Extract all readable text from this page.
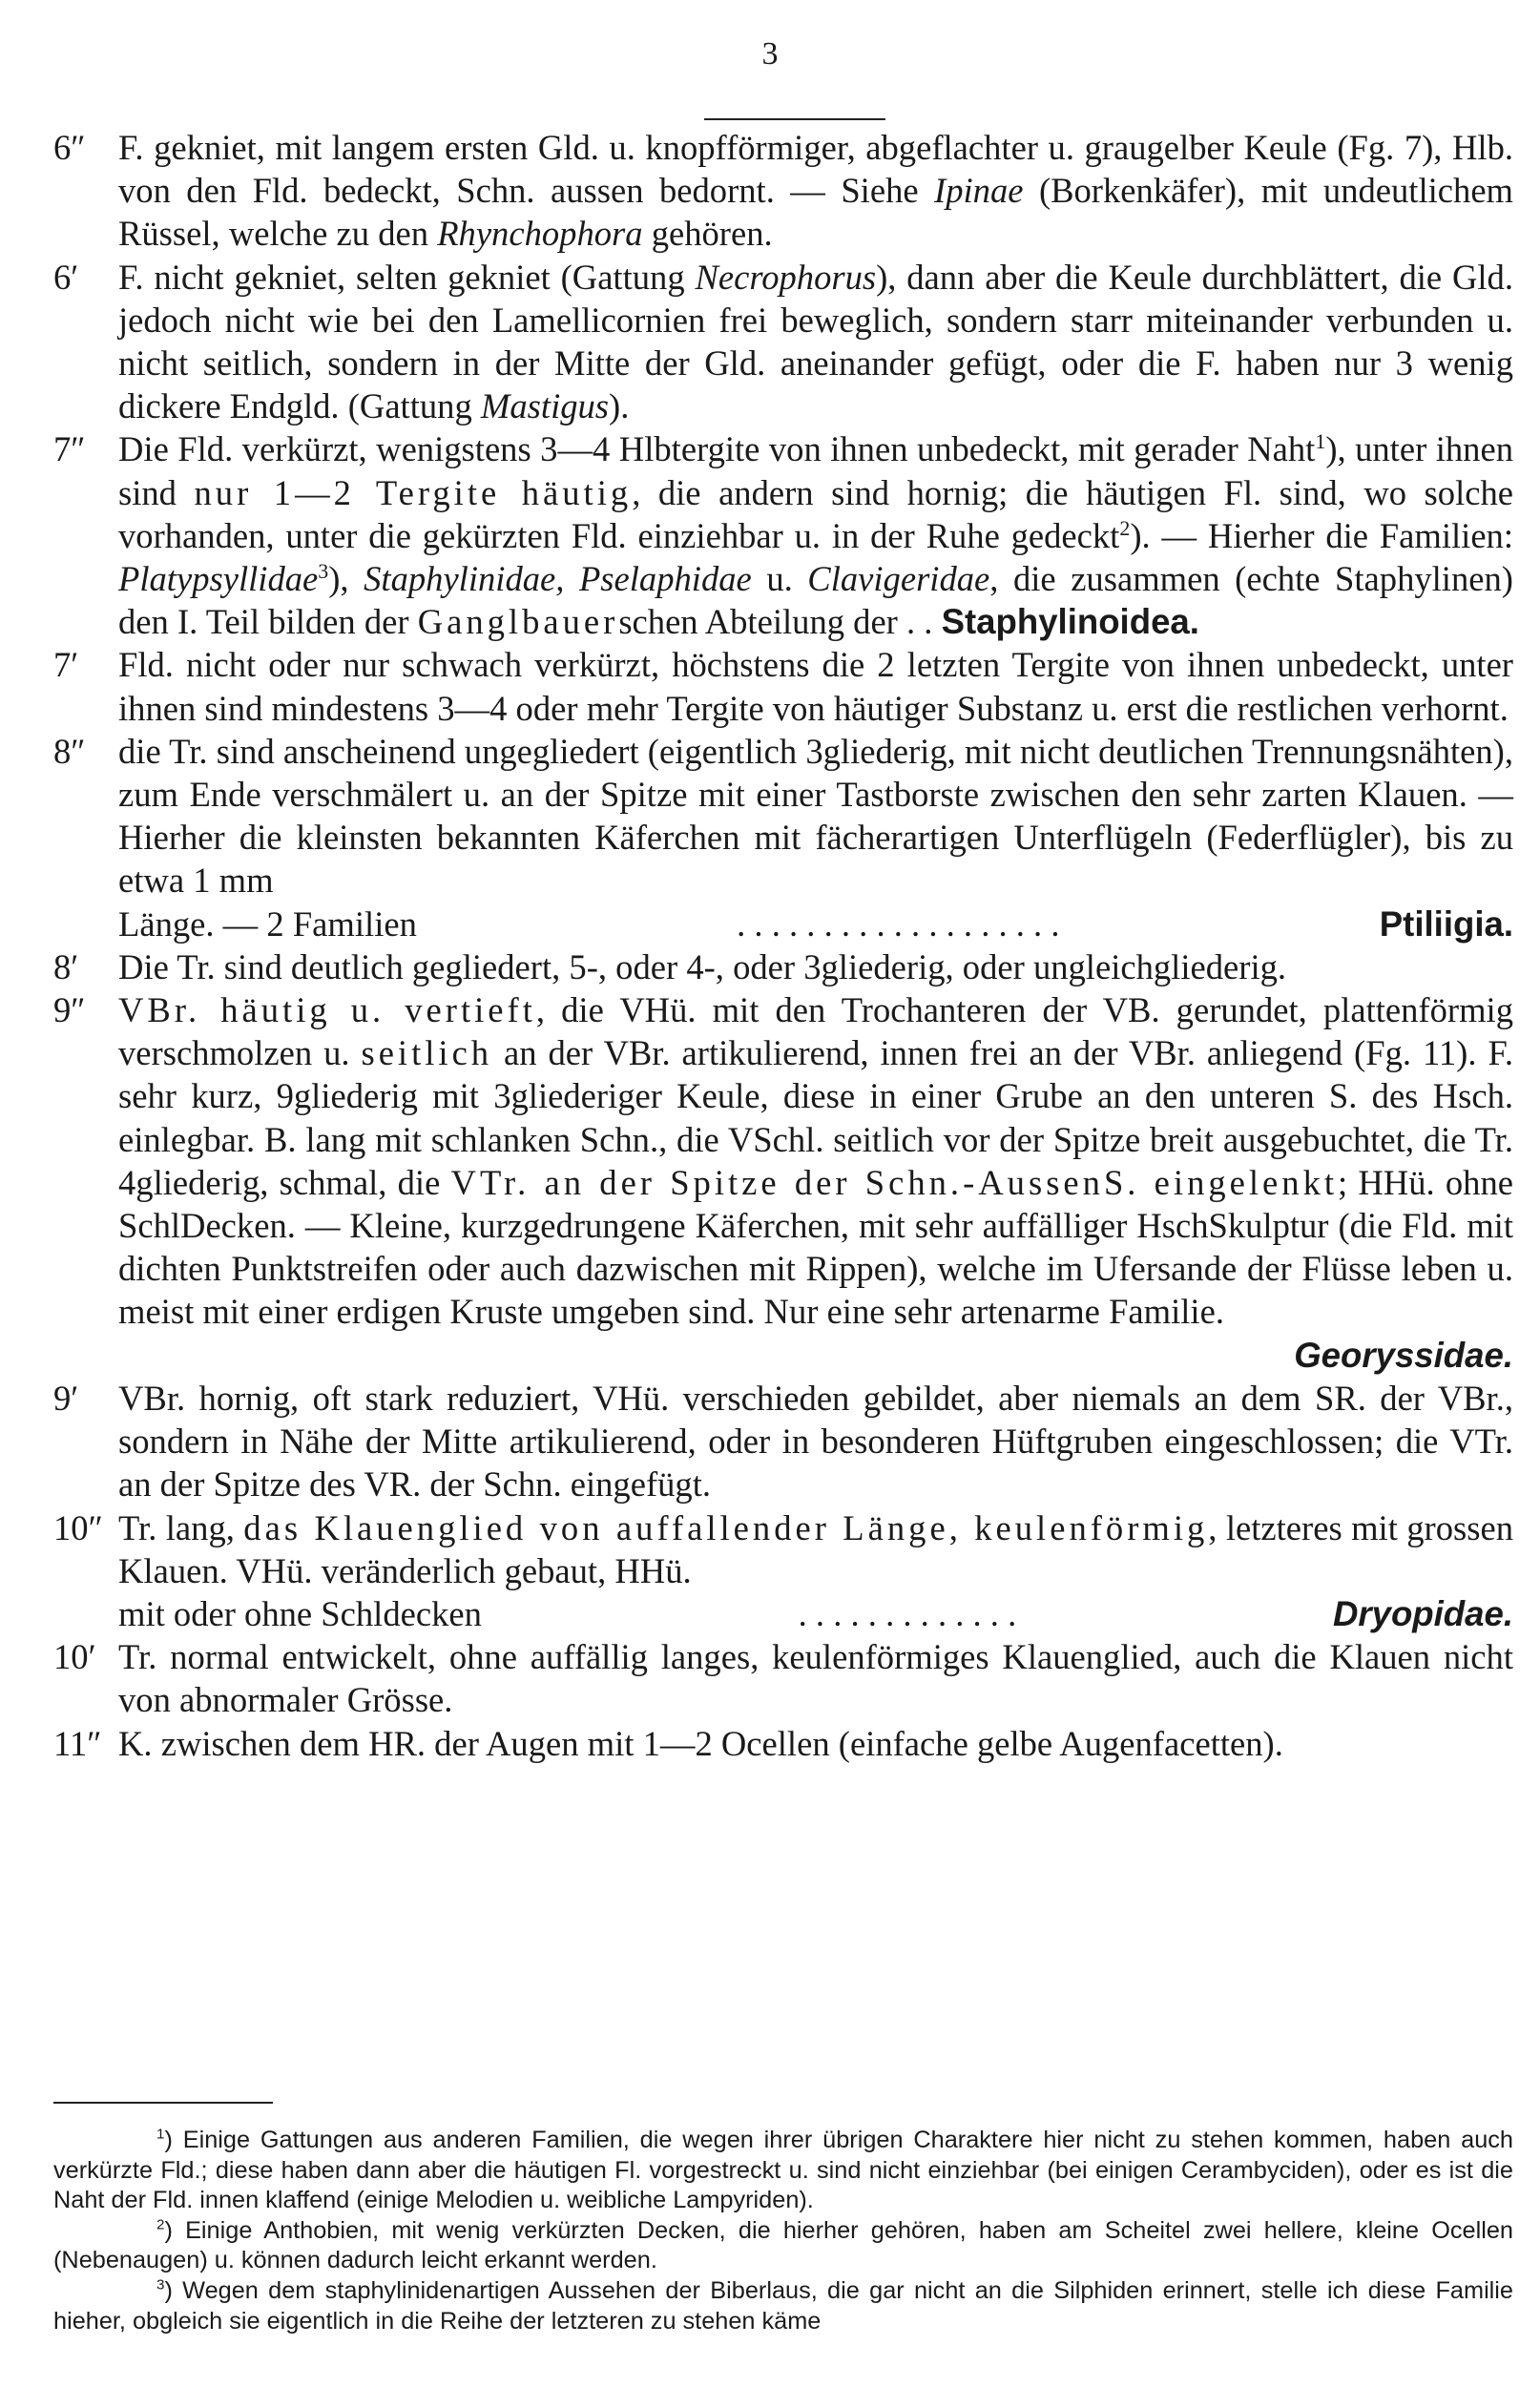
3
6″ F. gekniet, mit langem ersten Gld. u. knopfförmiger, abgeflachter u. graugelber Keule (Fg. 7), Hlb. von den Fld. bedeckt, Schn. aussen bedornt. — Siehe Ipinae (Borkenkäfer), mit undeutlichem Rüssel, welche zu den Rhynchophora gehören.
6′ F. nicht gekniet, selten gekniet (Gattung Necrophorus), dann aber die Keule durchblättert, die Gld. jedoch nicht wie bei den Lamellicornien frei beweglich, sondern starr miteinander verbunden u. nicht seitlich, sondern in der Mitte der Gld. aneinander gefügt, oder die F. haben nur 3 wenig dickere Endgld. (Gattung Mastigus).
7″ Die Fld. verkürzt, wenigstens 3—4 Hlbtergite von ihnen unbedeckt, mit gerader Naht$^1$), unter ihnen sind nur 1—2 Tergite häutig, die andern sind hornig; die häutigen Fl. sind, wo solche vorhanden, unter die gekürzten Fld. einziehbar u. in der Ruhe gedeckt$^2$). — Hierher die Familien: Platypsyllidae$^3$), Staphylinidae, Pselaphidae u. Clavigeridae, die zusammen (echte Staphylinen) den I. Teil bilden der Ganglbauerschen Abteilung der . . Staphylinoidea.
7′ Fld. nicht oder nur schwach verkürzt, höchstens die 2 letzten Tergite von ihnen unbedeckt, unter ihnen sind mindestens 3—4 oder mehr Tergite von häutiger Substanz u. erst die restlichen verhornt.
8″ die Tr. sind anscheinend ungegliedert (eigentlich 3gliederig, mit nicht deutlichen Trennungsnähten), zum Ende verschmälert u. an der Spitze mit einer Tastborste zwischen den sehr zarten Klauen. — Hierher die kleinsten bekannten Käferchen mit fächerartigen Unterflügeln (Federflügler), bis zu etwa 1 mm
Länge. — 2 Familien	. . . . . . . . . . . . . . . . . . .	Ptiliigia.
8′ Die Tr. sind deutlich gegliedert, 5-, oder 4-, oder 3gliederig, oder ungleichgliederig.
9″ VBr. häutig u. vertieft, die VHü. mit den Trochanteren der VB. gerundet, plattenförmig verschmolzen u. seitlich an der VBr. artikulierend, innen frei an der VBr. anliegend (Fg. 11). F. sehr kurz, 9gliederig mit 3gliederiger Keule, diese in einer Grube an den unteren S. des Hsch. einlegbar. B. lang mit schlanken Schn., die VSchl. seitlich vor der Spitze breit ausgebuchtet, die Tr. 4gliederig, schmal, die VTr. an der Spitze der Schn.-AussenS. eingelenkt; HHü. ohne SchlDecken. — Kleine, kurzgedrungene Käferchen, mit sehr auffälliger HschSkulptur (die Fld. mit dichten Punktstreifen oder auch dazwischen mit Rippen), welche im Ufersande der Flüsse leben u. meist mit einer erdigen Kruste umgeben sind. Nur eine sehr artenarme Familie.
Georyssidae.
9′ VBr. hornig, oft stark reduziert, VHü. verschieden gebildet, aber niemals an dem SR. der VBr., sondern in Nähe der Mitte artikulierend, oder in besonderen Hüftgruben eingeschlossen; die VTr. an der Spitze des VR. der Schn. eingefügt.
10″ Tr. lang, das Klauenglied von auffallender Länge, keulenförmig, letzteres mit grossen Klauen. VHü. veränderlich gebaut, HHü.
mit oder ohne Schldecken	. . . . . . . . . . . . .	Dryopidae.
10′ Tr. normal entwickelt, ohne auffällig langes, keulenförmiges Klauenglied, auch die Klauen nicht von abnormaler Grösse.
11″ K. zwischen dem HR. der Augen mit 1—2 Ocellen (einfache gelbe Augenfacetten).

$^1$) Einige Gattungen aus anderen Familien, die wegen ihrer übrigen Charaktere hier nicht zu stehen kommen, haben auch verkürzte Fld.; diese haben dann aber die häutigen Fl. vorgestreckt u. sind nicht einziehbar (bei einigen Cerambyciden), oder es ist die Naht der Fld. innen klaffend (einige Melodien u. weibliche Lampyriden).

$^2$) Einige Anthobien, mit wenig verkürzten Decken, die hierher gehören, haben am Scheitel zwei hellere, kleine Ocellen (Nebenaugen) u. können dadurch leicht erkannt werden.

$^3$) Wegen dem staphylinidenartigen Aussehen der Biberlaus, die gar nicht an die Silphiden erinnert, stelle ich diese Familie hieher, obgleich sie eigentlich in die Reihe der letzteren zu stehen käme
